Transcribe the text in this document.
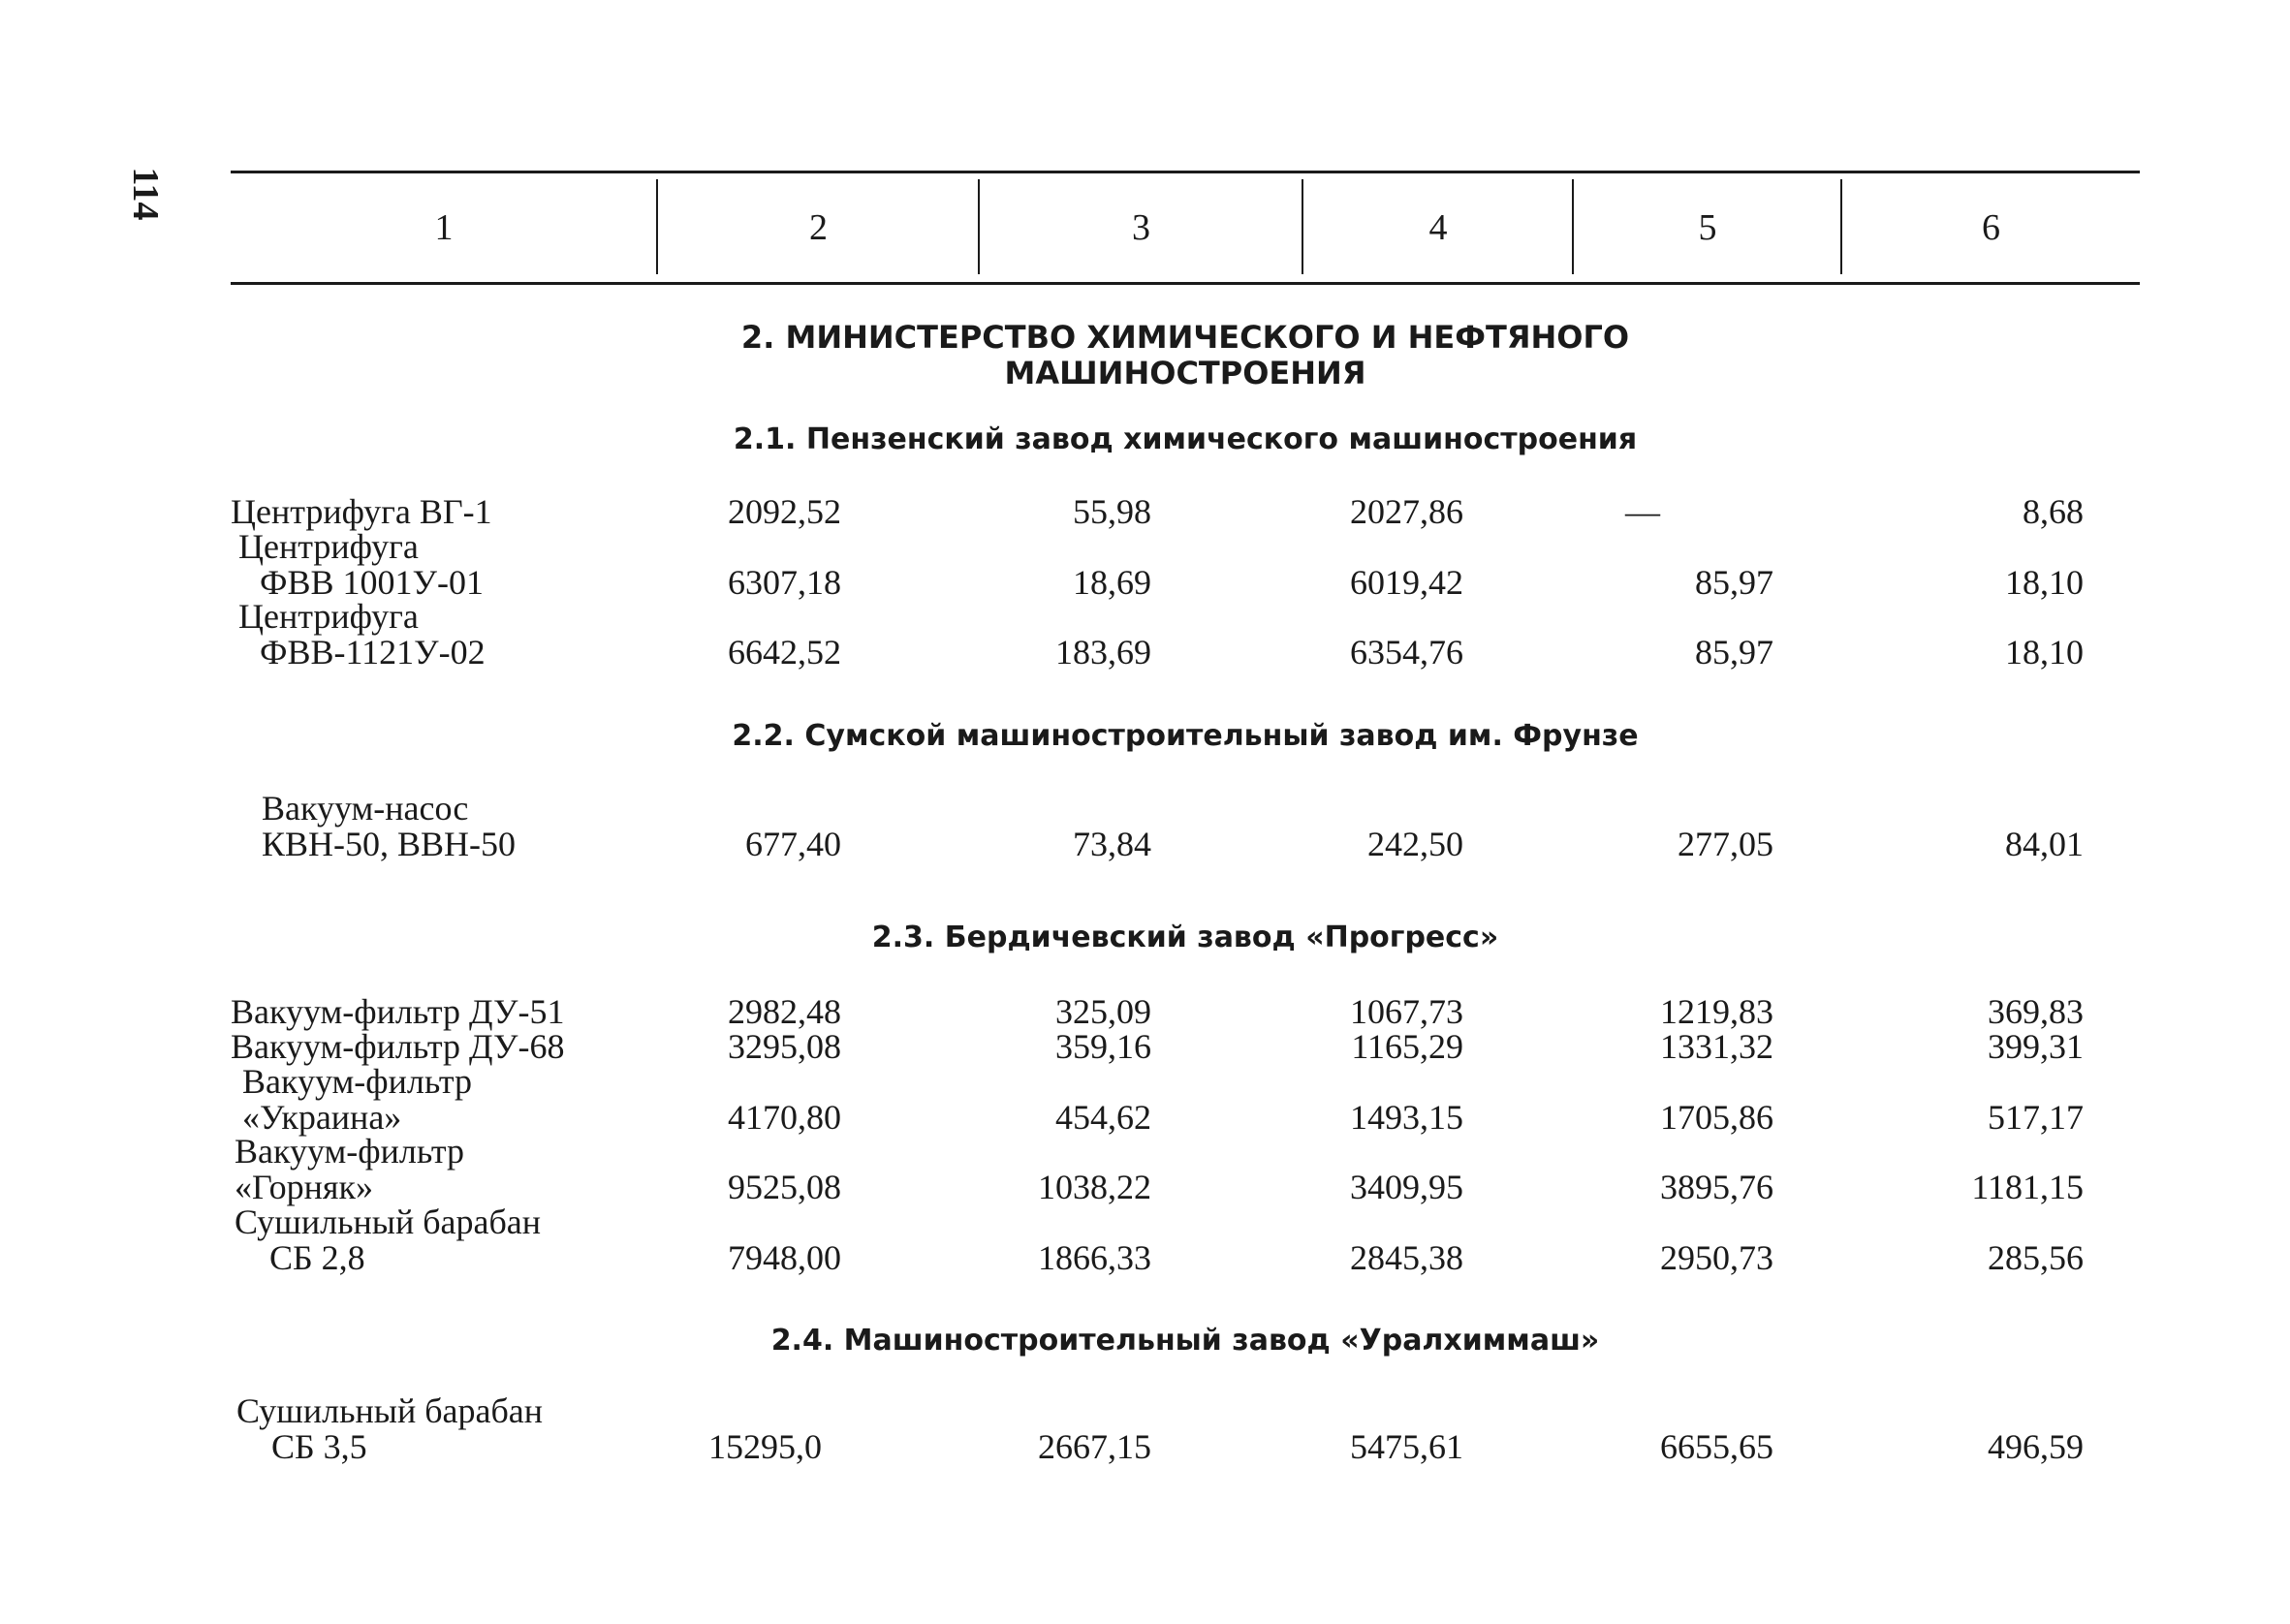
114
1	2	3	4	5	6
2. МИНИСТЕРСТВО ХИМИЧЕСКОГО И НЕФТЯНОГО
МАШИНОСТРОЕНИЯ
2.1. Пензенский завод химического машиностроения
Центрифуга ВГ-1	2092,52	55,98	2027,86	—	8,68
Центрифуга
ФВВ 1001У-01	6307,18	18,69	6019,42	85,97	18,10
Центрифуга
ФВВ-1121У-02	6642,52	183,69	6354,76	85,97	18,10
2.2. Сумской машиностроительный завод им. Фрунзе
Вакуум-насос
КВН-50, ВВН-50	677,40	73,84	242,50	277,05	84,01
2.3. Бердичевский завод «Прогресс»
Вакуум-фильтр ДУ-51	2982,48	325,09	1067,73	1219,83	369,83
Вакуум-фильтр ДУ-68	3295,08	359,16	1165,29	1331,32	399,31
Вакуум-фильтр
«Украина»	4170,80	454,62	1493,15	1705,86	517,17
Вакуум-фильтр
«Горняк»	9525,08	1038,22	3409,95	3895,76	1181,15
Сушильный барабан
СБ 2,8	7948,00	1866,33	2845,38	2950,73	285,56
2.4. Машиностроительный завод «Уралхиммаш»
Сушильный барабан
СБ 3,5	15295,0	2667,15	5475,61	6655,65	496,59
